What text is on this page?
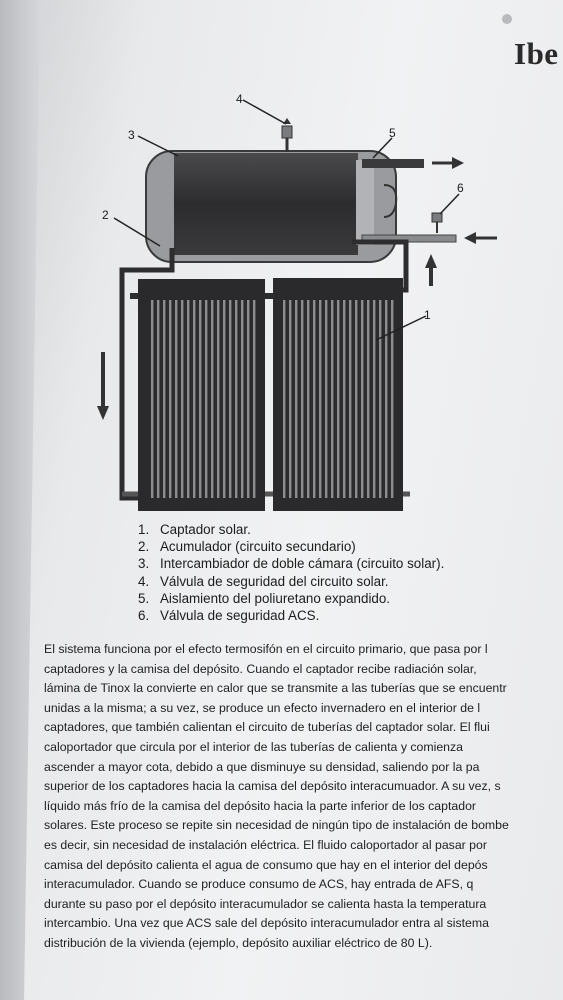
Ibe
1
2
3
4
5
6
1. Captador solar.
2. Acumulador (circuito secundario)
3. Intercambiador de doble cámara (circuito solar).
4. Válvula de seguridad del circuito solar.
5. Aislamiento del poliuretano expandido.
6. Válvula de seguridad ACS.
El sistema funciona por el efecto termosifón en el circuito primario, que pasa por l
captadores y la camisa del depósito. Cuando el captador recibe radiación solar,
lámina de Tinox la convierte en calor que se transmite a las tuberías que se encuentr
unidas a la misma; a su vez, se produce un efecto invernadero en el interior de l
captadores, que también calientan el circuito de tuberías del captador solar. El flui
caloportador que circula por el interior de las tuberías de calienta y comienza
ascender a mayor cota, debido a que disminuye su densidad, saliendo por la pa
superior de los captadores hacia la camisa del depósito interacumuador. A su vez, s
líquido más frío de la camisa del depósito hacia la parte inferior de los captador
solares. Este proceso se repite sin necesidad de ningún tipo de instalación de bombe
es decir, sin necesidad de instalación eléctrica. El fluido caloportador al pasar por
camisa del depósito calienta el agua de consumo que hay en el interior del depós
interacumulador. Cuando se produce consumo de ACS, hay entrada de AFS, q
durante su paso por el depósito interacumulador se calienta hasta la temperatura
intercambio. Una vez que ACS sale del depósito interacumulador entra al sistema
distribución de la vivienda (ejemplo, depósito auxiliar eléctrico de 80 L).
